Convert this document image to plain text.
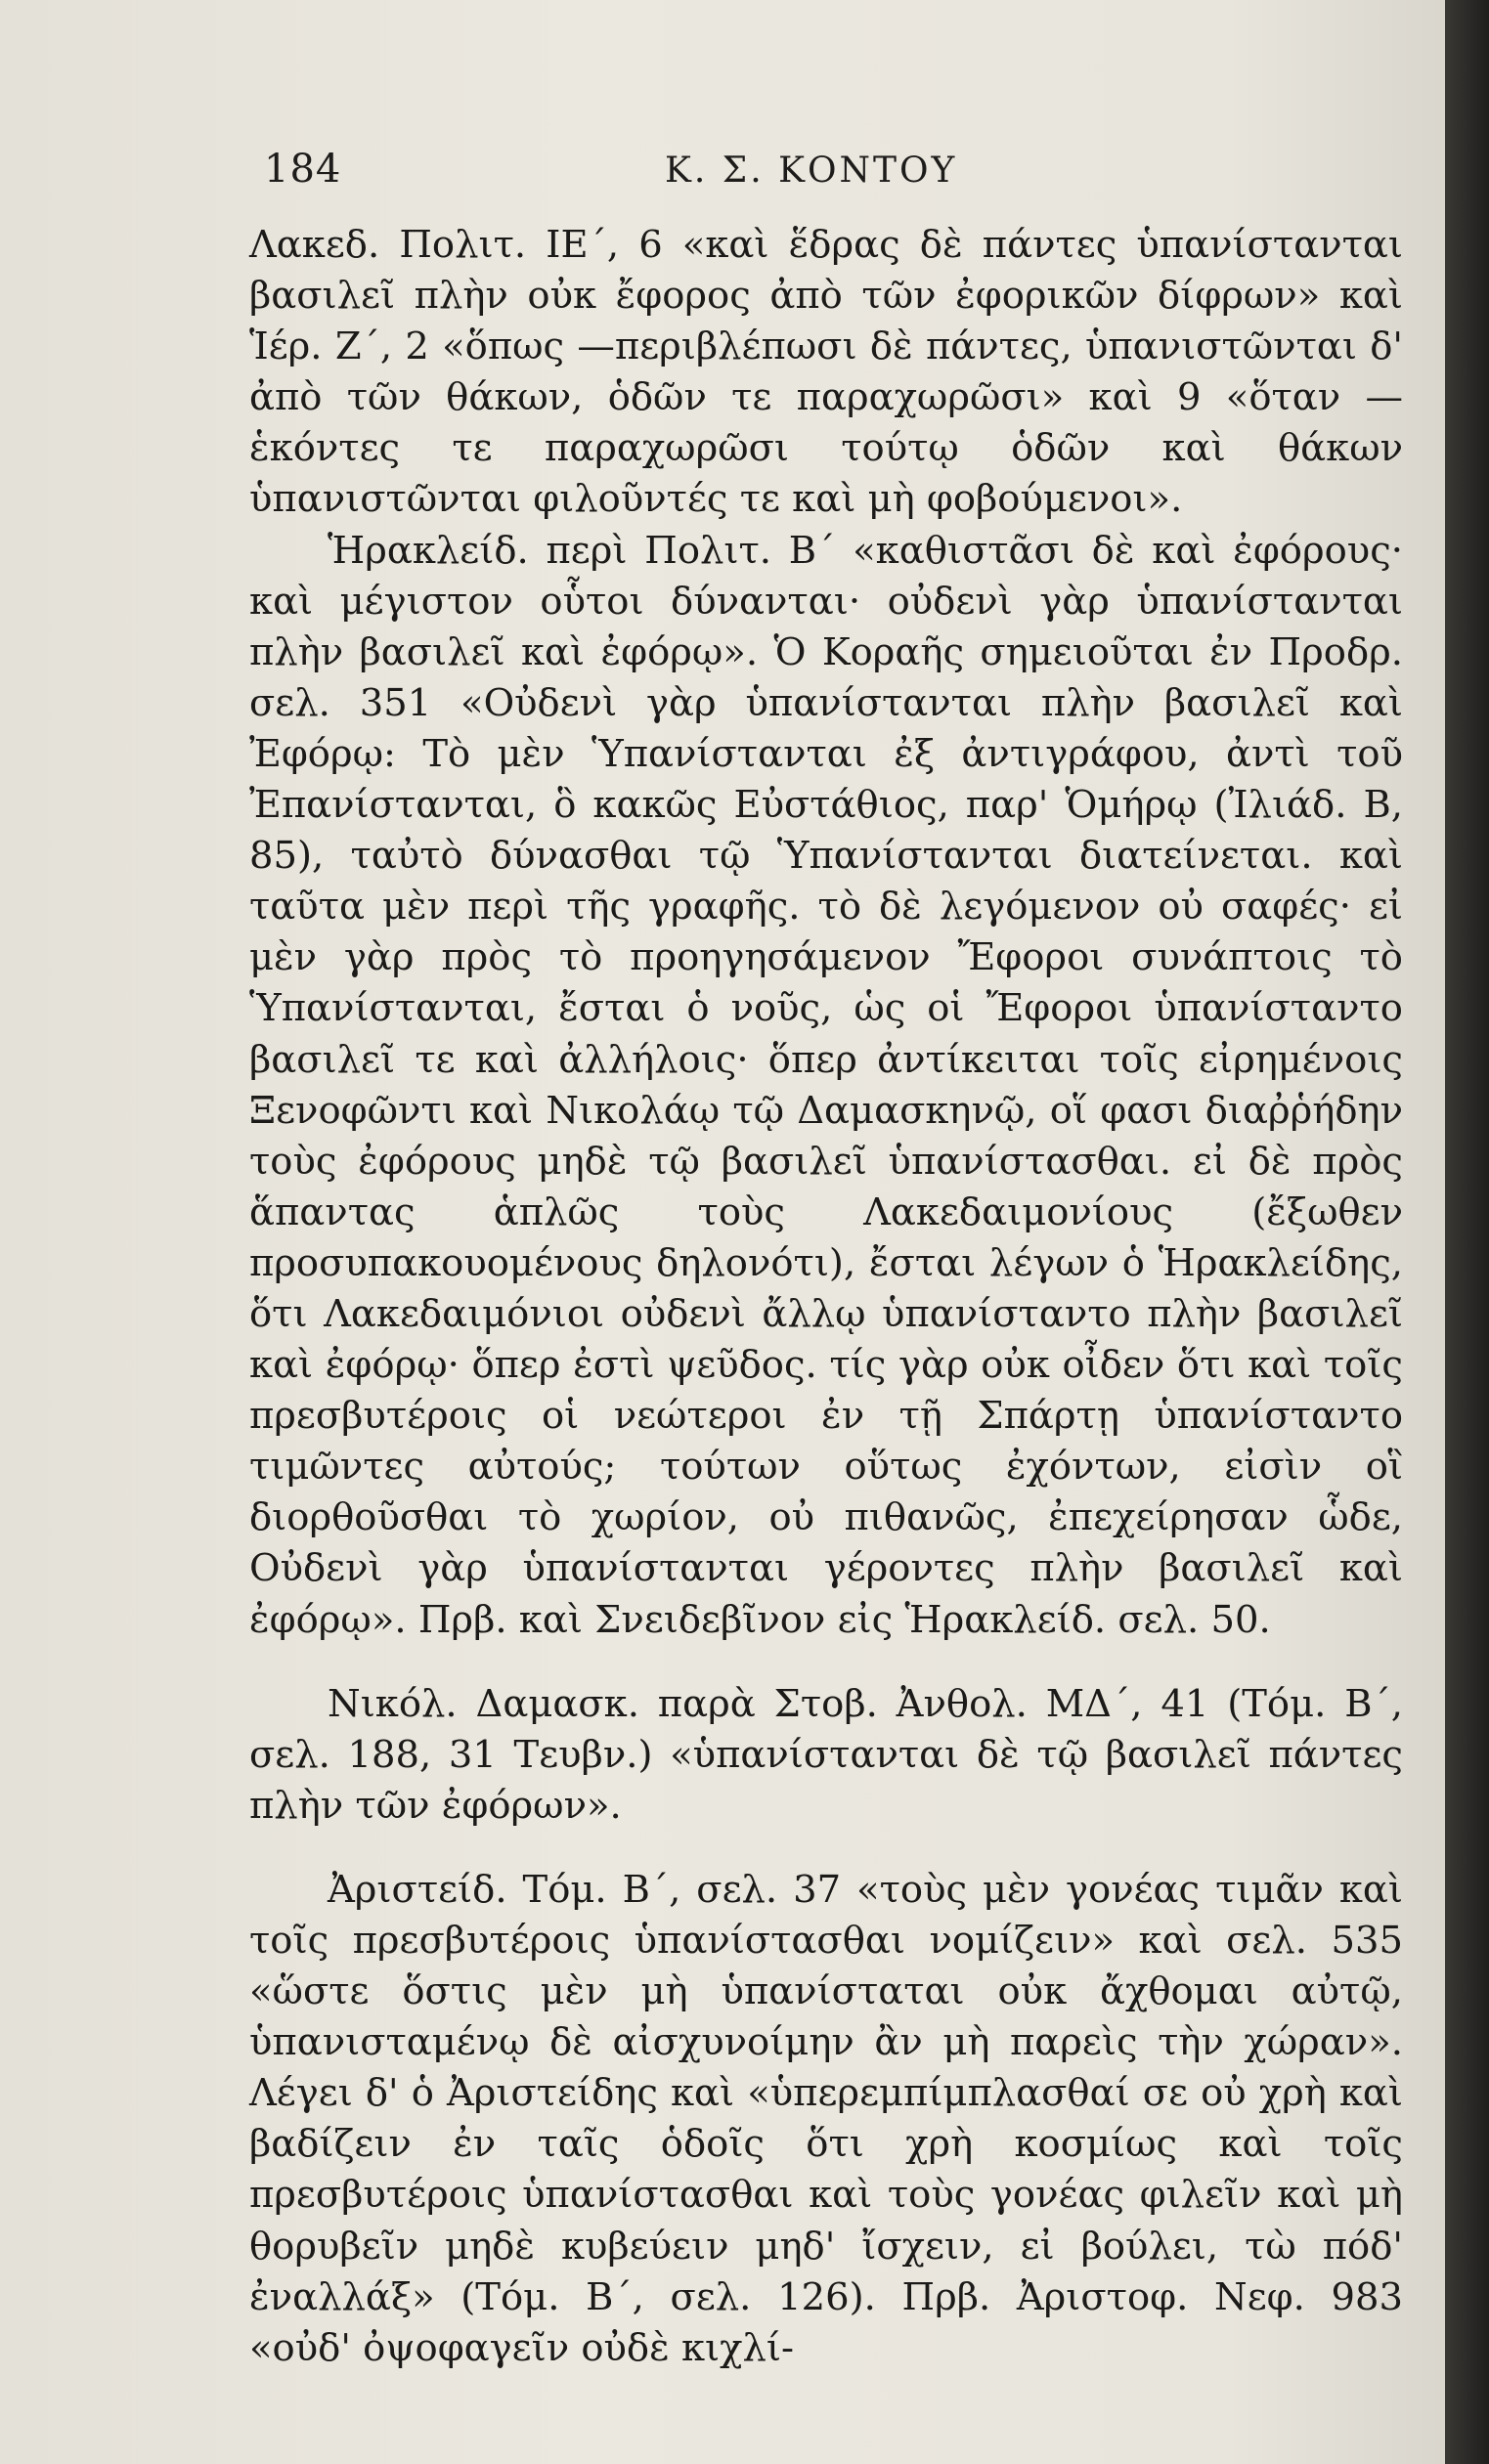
184	Κ. Σ. ΚΟΝΤΟΥ

Λακεδ. Πολιτ. ΙΕ΄, 6 «καὶ ἕδρας δὲ πάντες ὑπανίστανται βασιλεῖ πλὴν οὐκ ἔφορος ἀπὸ τῶν ἐφορικῶν δίφρων» καὶ Ἱέρ. Ζ΄, 2 «ὅπως —περιβλέπωσι δὲ πάντες, ὑπανιστῶνται δ' ἀπὸ τῶν θάκων, ὁδῶν τε παραχωρῶσι» καὶ 9 «ὅταν —ἑκόντες τε παραχωρῶσι τούτῳ ὁδῶν καὶ θάκων ὑπανιστῶνται φιλοῦντές τε καὶ μὴ φοβούμενοι».

Ἡρακλείδ. περὶ Πολιτ. Β΄ «καθιστᾶσι δὲ καὶ ἐφόρους· καὶ μέγιστον οὗτοι δύνανται· οὐδενὶ γὰρ ὑπανίστανται πλὴν βασιλεῖ καὶ ἐφόρῳ». Ὁ Κοραῆς σημειοῦται ἐν Προδρ. σελ. 351 «Οὐδενὶ γὰρ ὑπανίστανται πλὴν βασιλεῖ καὶ Ἐφόρῳ: Τὸ μὲν Ὑπανίστανται ἐξ ἀντιγράφου, ἀντὶ τοῦ Ἐπανίστανται, ὃ κακῶς Εὐστάθιος, παρ' Ὁμήρῳ (Ἰλιάδ. Β, 85), ταὐτὸ δύνασθαι τῷ Ὑπανίστανται διατείνεται. καὶ ταῦτα μὲν περὶ τῆς γραφῆς. τὸ δὲ λεγόμενον οὐ σαφές· εἰ μὲν γὰρ πρὸς τὸ προηγησάμενον Ἔφοροι συνάπτοις τὸ Ὑπανίστανται, ἔσται ὁ νοῦς, ὡς οἱ Ἔφοροι ὑπανίσταντο βασιλεῖ τε καὶ ἀλλήλοις· ὅπερ ἀντίκειται τοῖς εἰρημένοις Ξενοφῶντι καὶ Νικολάῳ τῷ Δαμασκηνῷ, οἵ φασι διαῤῥήδην τοὺς ἐφόρους μηδὲ τῷ βασιλεῖ ὑπανίστασθαι. εἰ δὲ πρὸς ἅπαντας ἁπλῶς τοὺς Λακεδαιμονίους (ἔξωθεν προσυπακουομένους δηλονότι), ἔσται λέγων ὁ Ἡρακλείδης, ὅτι Λακεδαιμόνιοι οὐδενὶ ἄλλῳ ὑπανίσταντο πλὴν βασιλεῖ καὶ ἐφόρῳ· ὅπερ ἐστὶ ψεῦδος. τίς γὰρ οὐκ οἶδεν ὅτι καὶ τοῖς πρεσβυτέροις οἱ νεώτεροι ἐν τῇ Σπάρτῃ ὑπανίσταντο τιμῶντες αὐτούς; τούτων οὕτως ἐχόντων, εἰσὶν οἳ διορθοῦσθαι τὸ χωρίον, οὐ πιθανῶς, ἐπεχείρησαν ὧδε, Οὐδενὶ γὰρ ὑπανίστανται γέροντες πλὴν βασιλεῖ καὶ ἐφόρῳ». Πρβ. καὶ Σνειδεβῖνον εἰς Ἡρακλείδ. σελ. 50.

Νικόλ. Δαμασκ. παρὰ Στοβ. Ἀνθολ. ΜΔ΄, 41 (Τόμ. Β΄, σελ. 188, 31 Τευβν.) «ὑπανίστανται δὲ τῷ βασιλεῖ πάντες πλὴν τῶν ἐφόρων».

Ἀριστείδ. Τόμ. Β΄, σελ. 37 «τοὺς μὲν γονέας τιμᾶν καὶ τοῖς πρεσβυτέροις ὑπανίστασθαι νομίζειν» καὶ σελ. 535 «ὥστε ὅστις μὲν μὴ ὑπανίσταται οὐκ ἄχθομαι αὐτῷ, ὑπανισταμένῳ δὲ αἰσχυνοίμην ἂν μὴ παρεὶς τὴν χώραν». Λέγει δ' ὁ Ἀριστείδης καὶ «ὑπερεμπίμπλασθαί σε οὐ χρὴ καὶ βαδίζειν ἐν ταῖς ὁδοῖς ὅτι χρὴ κοσμίως καὶ τοῖς πρεσβυτέροις ὑπανίστασθαι καὶ τοὺς γονέας φιλεῖν καὶ μὴ θορυβεῖν μηδὲ κυβεύειν μηδ' ἴσχειν, εἰ βούλει, τὼ πόδ' ἐναλλάξ» (Τόμ. Β΄, σελ. 126). Πρβ. Ἀριστοφ. Νεφ. 983 «οὐδ' ὀψοφαγεῖν οὐδὲ κιχλί-
